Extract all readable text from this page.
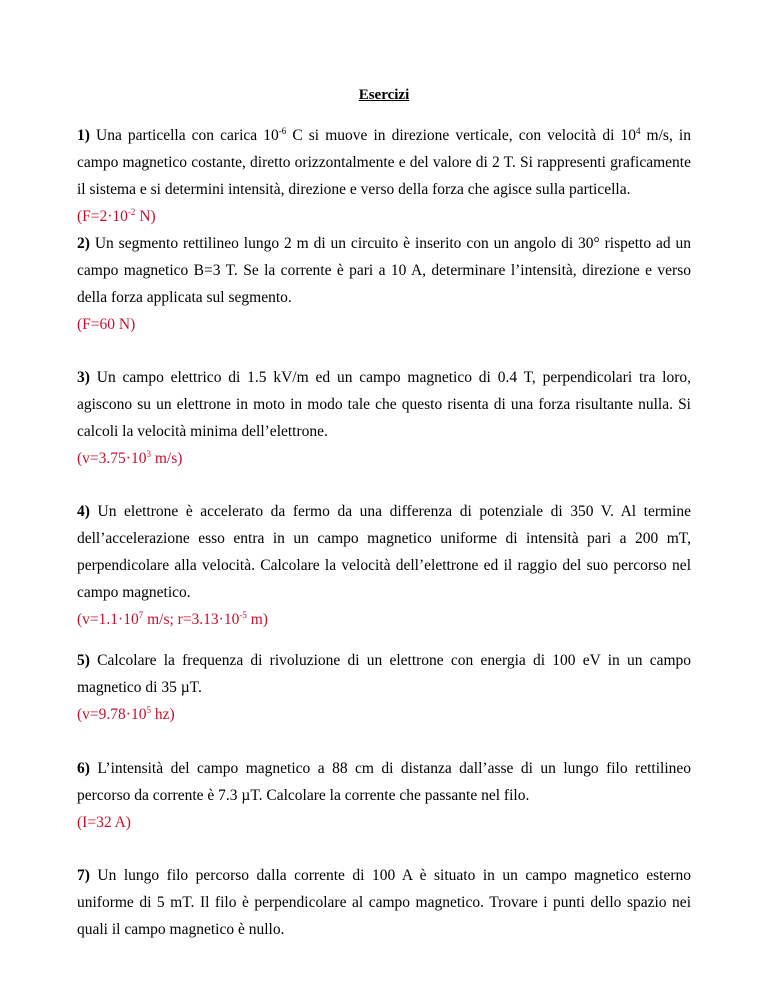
Esercizi

1) Una particella con carica $10^{-6}$ C si muove in direzione verticale, con velocità di $10^4$ m/s, in campo magnetico costante, diretto orizzontalmente e del valore di 2 T. Si rappresenti graficamente il sistema e si determini intensità, direzione e verso della forza che agisce sulla particella.

($F=2\cdot 10^{-2}$ N)

2) Un segmento rettilineo lungo 2 m di un circuito è inserito con un angolo di 30° rispetto ad un campo magnetico B=3 T. Se la corrente è pari a 10 A, determinare l’intensità, direzione e verso della forza applicata sul segmento.

(F=60 N)

3) Un campo elettrico di 1.5 kV/m ed un campo magnetico di 0.4 T, perpendicolari tra loro, agiscono su un elettrone in moto in modo tale che questo risenta di una forza risultante nulla. Si calcoli la velocità minima dell’elettrone.

($v=3.75\cdot 10^3$ m/s)

4) Un elettrone è accelerato da fermo da una differenza di potenziale di 350 V. Al termine dell’accelerazione esso entra in un campo magnetico uniforme di intensità pari a 200 mT, perpendicolare alla velocità. Calcolare la velocità dell’elettrone ed il raggio del suo percorso nel campo magnetico.

($v=1.1\cdot 10^7$ m/s; $r=3.13\cdot 10^{-5}$ m)

5) Calcolare la frequenza di rivoluzione di un elettrone con energia di 100 eV in un campo magnetico di 35 µT.

($v=9.78\cdot 10^5$ hz)

6) L’intensità del campo magnetico a 88 cm di distanza dall’asse di un lungo filo rettilineo percorso da corrente è 7.3 µT. Calcolare la corrente che passante nel filo.

(I=32 A)

7) Un lungo filo percorso dalla corrente di 100 A è situato in un campo magnetico esterno uniforme di 5 mT. Il filo è perpendicolare al campo magnetico. Trovare i punti dello spazio nei quali il campo magnetico è nullo.
